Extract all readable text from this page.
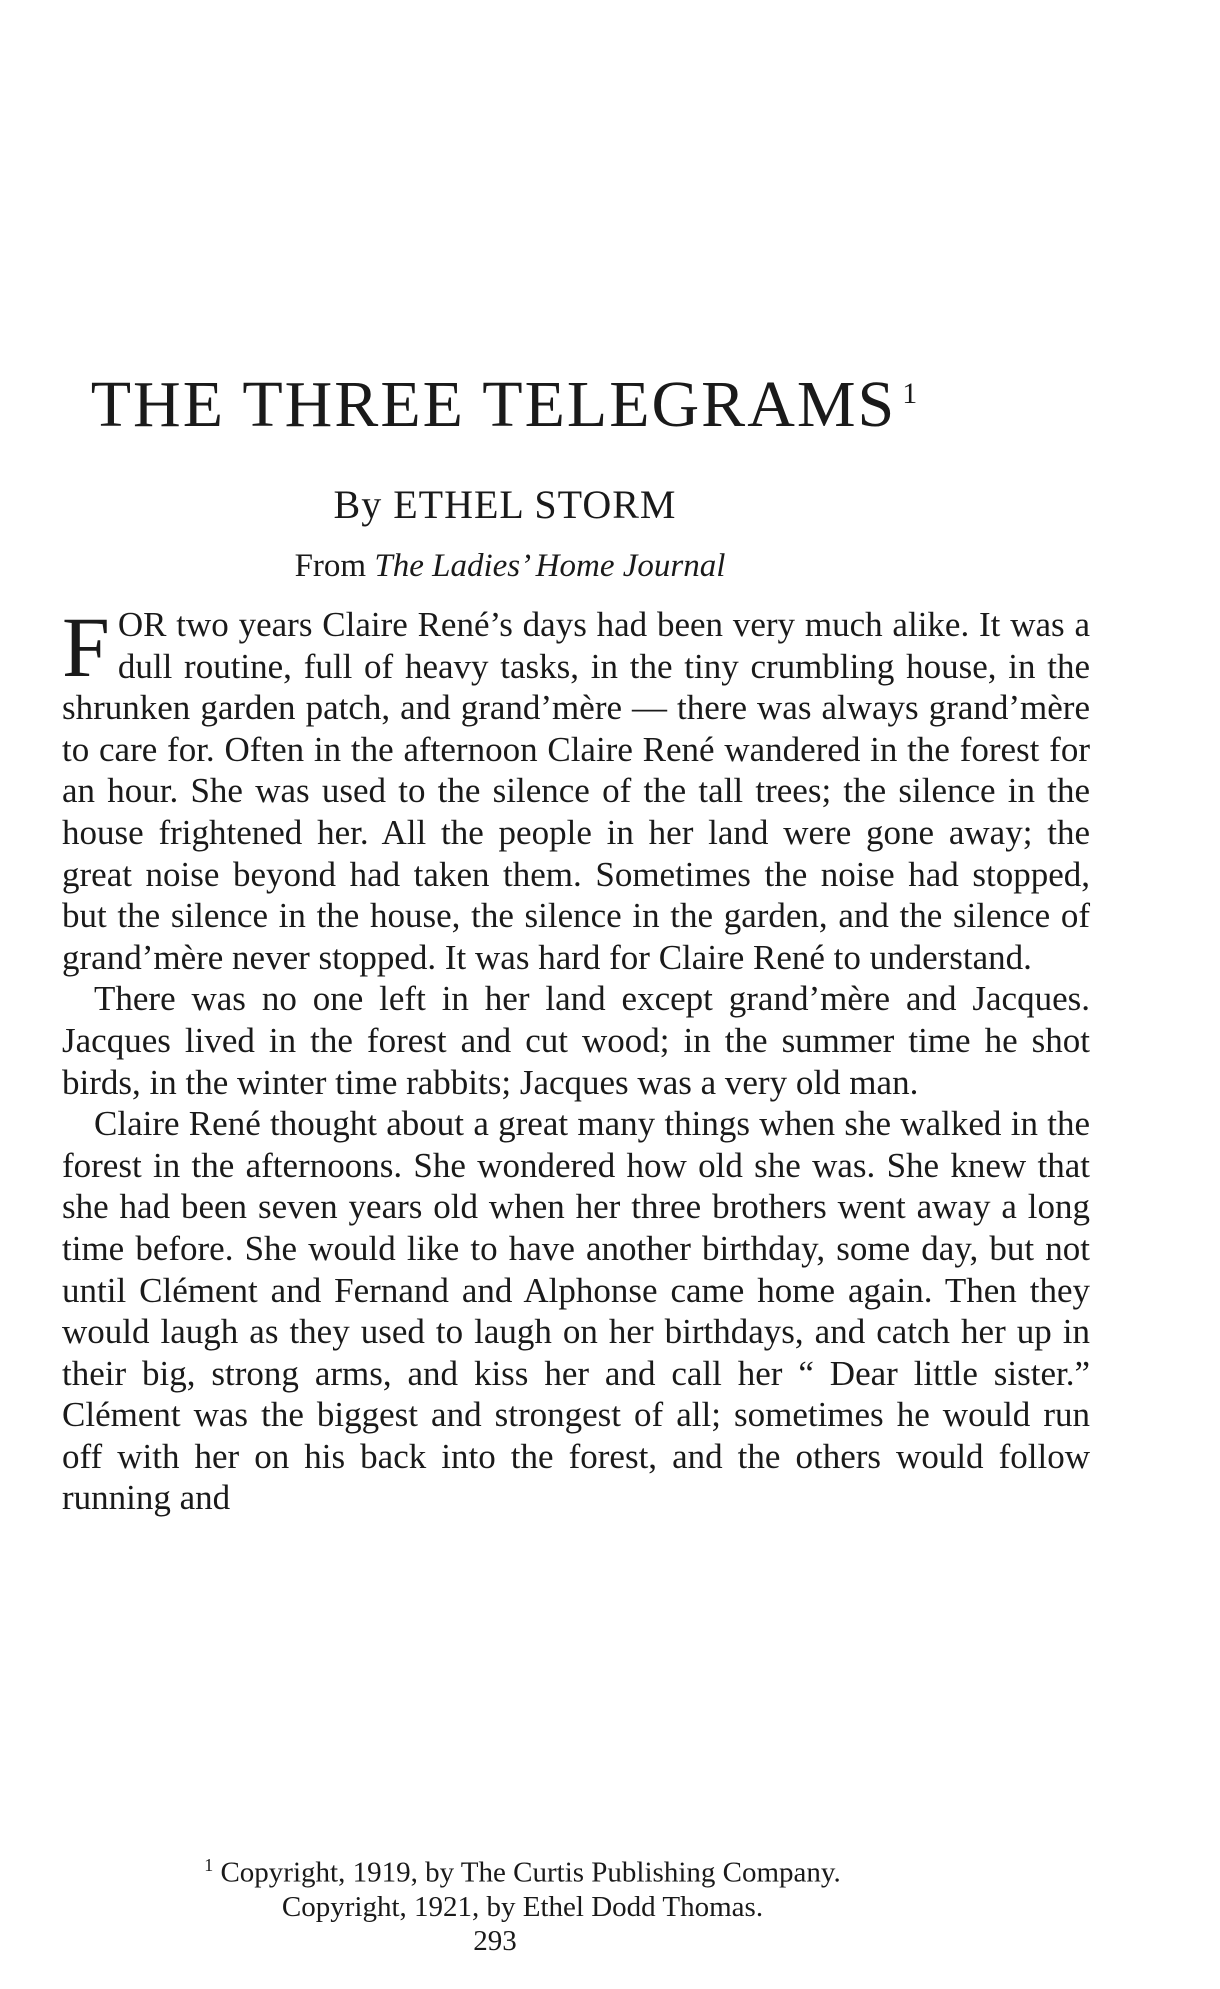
THE THREE TELEGRAMS $^1$
By ETHEL STORM
From The Ladies’ Home Journal

FOR two years Claire René’s days had been very much alike. It was a dull routine, full of heavy tasks, in the tiny crumbling house, in the shrunken garden patch, and grand’mère — there was always grand’mère to care for. Often in the afternoon Claire René wandered in the forest for an hour. She was used to the silence of the tall trees; the silence in the house frightened her. All the people in her land were gone away; the great noise beyond had taken them. Sometimes the noise had stopped, but the silence in the house, the silence in the garden, and the silence of grand’mère never stopped. It was hard for Claire René to understand.

There was no one left in her land except grand’mère and Jacques. Jacques lived in the forest and cut wood; in the summer time he shot birds, in the winter time rabbits; Jacques was a very old man.

Claire René thought about a great many things when she walked in the forest in the afternoons. She wondered how old she was. She knew that she had been seven years old when her three brothers went away a long time before. She would like to have another birthday, some day, but not until Clément and Fernand and Alphonse came home again. Then they would laugh as they used to laugh on her birthdays, and catch her up in their big, strong arms, and kiss her and call her “ Dear little sister.” Clément was the biggest and strongest of all; sometimes he would run off with her on his back into the forest, and the others would follow running and

$^1$ Copyright, 1919, by The Curtis Publishing Company.
Copyright, 1921, by Ethel Dodd Thomas.
293
